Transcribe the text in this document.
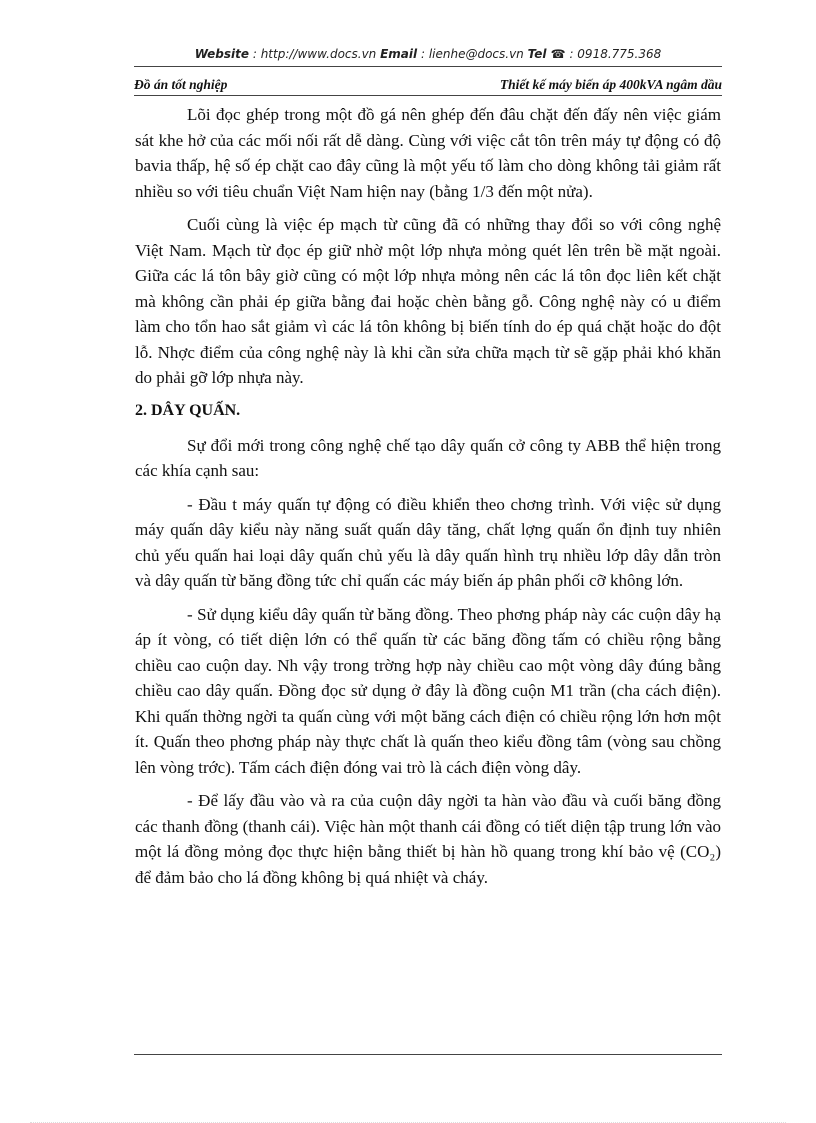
Website : http://www.docs.vn Email : lienhe@docs.vn Tel ☎ : 0918.775.368
Đồ án tốt nghiệp	Thiết kế máy biến áp 400kVA ngâm dầu

Lõi đọc ghép trong một đồ gá nên ghép đến đâu chặt đến đấy nên việc giám sát khe hở của các mối nối rất dễ dàng. Cùng với việc cắt tôn trên máy tự động có độ bavia thấp, hệ số ép chặt cao đây cũng là một yếu tố làm cho dòng không tải giảm rất nhiều so với tiêu chuẩn Việt Nam hiện nay (bằng 1/3 đến một nửa).

Cuối cùng là việc ép mạch từ cũng đã có những thay đổi so với công nghệ Việt Nam. Mạch từ đọc ép giữ nhờ một lớp nhựa mỏng quét lên trên bề mặt ngoài. Giữa các lá tôn bây giờ cũng có một lớp nhựa mỏng nên các lá tôn đọc liên kết chặt mà không cần phải ép giữa bằng đai hoặc chèn bằng gỗ. Công nghệ này có u điểm làm cho tổn hao sắt giảm vì các lá tôn không bị biến tính do ép quá chặt hoặc do đột lỗ. Nhợc điểm của công nghệ này là khi cần sửa chữa mạch từ sẽ gặp phải khó khăn do phải gỡ lớp nhựa này.

2. DÂY QUẤN.

Sự đổi mới trong công nghệ chế tạo dây quấn cở công ty ABB thể hiện trong các khía cạnh sau:

- Đầu t máy quấn tự động có điều khiển theo chơng trình. Với việc sử dụng máy quấn dây kiểu này năng suất quấn dây tăng, chất lợng quấn ổn định tuy nhiên chủ yếu quấn hai loại dây quấn chủ yếu là dây quấn hình trụ nhiều lớp dây dẫn tròn và dây quấn từ băng đồng tức chỉ quấn các máy biến áp phân phối cỡ không lớn.

- Sử dụng kiểu dây quấn từ băng đồng. Theo phơng pháp này các cuộn dây hạ áp ít vòng, có tiết diện lớn có thể quấn từ các băng đồng tấm có chiều rộng bằng chiều cao cuộn day. Nh vậy trong trờng hợp này chiều cao một vòng dây đúng bằng chiều cao dây quấn. Đồng đọc sử dụng ở đây là đồng cuộn M1 trần (cha cách điện). Khi quấn thờng ngời ta quấn cùng với một băng cách điện có chiều rộng lớn hơn một ít. Quấn theo phơng pháp này thực chất là quấn theo kiểu đồng tâm (vòng sau chồng lên vòng trớc). Tấm cách điện đóng vai trò là cách điện vòng dây.

- Để lấy đầu vào và ra của cuộn dây ngời ta hàn vào đầu và cuối băng đồng các thanh đồng (thanh cái). Việc hàn một thanh cái đồng có tiết diện tập trung lớn vào một lá đồng mỏng đọc thực hiện bằng thiết bị hàn hồ quang trong khí bảo vệ (CO₂) để đảm bảo cho lá đồng không bị quá nhiệt và cháy.
